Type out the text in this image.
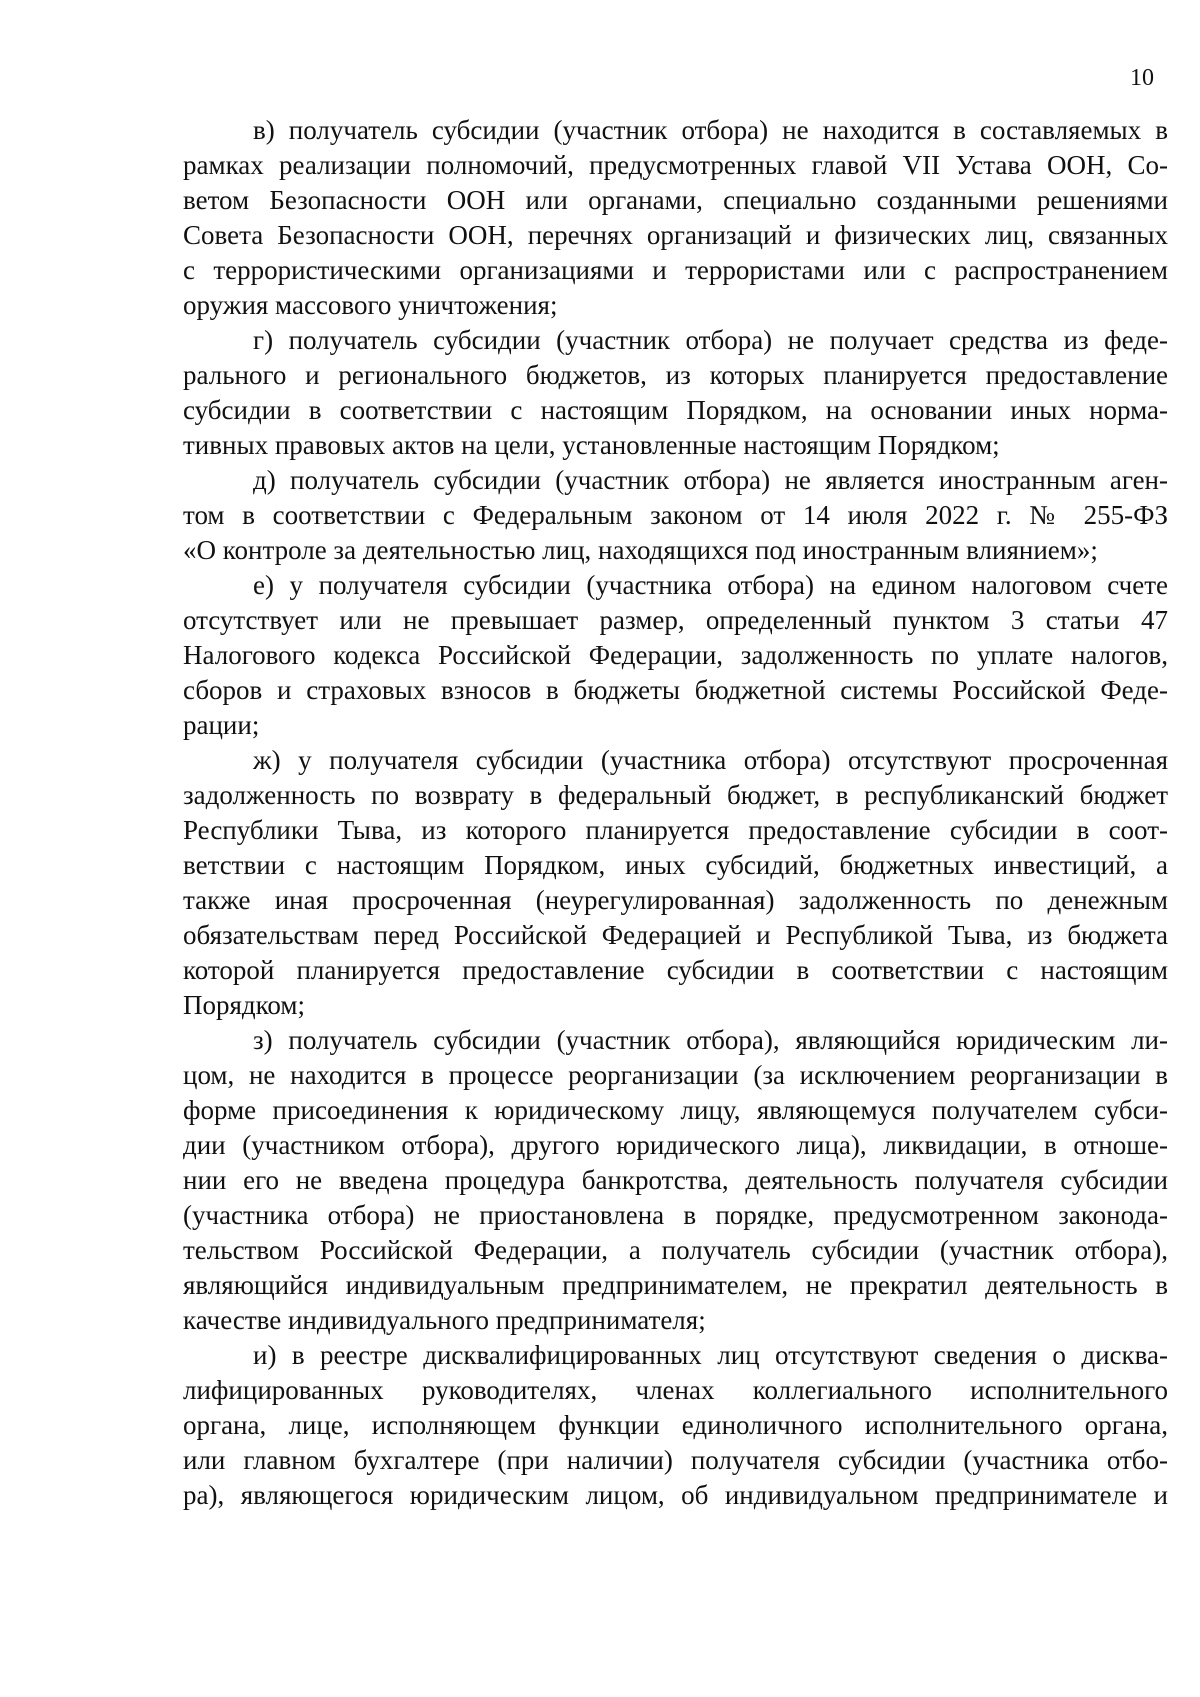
10
в) получатель субсидии (участник отбора) не находится в составляемых в
рамках реализации полномочий, предусмотренных главой VII Устава ООН, Со-
ветом Безопасности ООН или органами, специально созданными решениями
Совета Безопасности ООН, перечнях организаций и физических лиц, связанных
с террористическими организациями и террористами или с распространением
оружия массового уничтожения;
г) получатель субсидии (участник отбора) не получает средства из феде-
рального и регионального бюджетов, из которых планируется предоставление
субсидии в соответствии с настоящим Порядком, на основании иных норма-
тивных правовых актов на цели, установленные настоящим Порядком;
д) получатель субсидии (участник отбора) не является иностранным аген-
том в соответствии с Федеральным законом от 14 июля 2022 г. № 255-ФЗ
«О контроле за деятельностью лиц, находящихся под иностранным влиянием»;
е) у получателя субсидии (участника отбора) на едином налоговом счете
отсутствует или не превышает размер, определенный пунктом 3 статьи 47
Налогового кодекса Российской Федерации, задолженность по уплате налогов,
сборов и страховых взносов в бюджеты бюджетной системы Российской Феде-
рации;
ж) у получателя субсидии (участника отбора) отсутствуют просроченная
задолженность по возврату в федеральный бюджет, в республиканский бюджет
Республики Тыва, из которого планируется предоставление субсидии в соот-
ветствии с настоящим Порядком, иных субсидий, бюджетных инвестиций, а
также иная просроченная (неурегулированная) задолженность по денежным
обязательствам перед Российской Федерацией и Республикой Тыва, из бюджета
которой планируется предоставление субсидии в соответствии с настоящим
Порядком;
з) получатель субсидии (участник отбора), являющийся юридическим ли-
цом, не находится в процессе реорганизации (за исключением реорганизации в
форме присоединения к юридическому лицу, являющемуся получателем субси-
дии (участником отбора), другого юридического лица), ликвидации, в отноше-
нии его не введена процедура банкротства, деятельность получателя субсидии
(участника отбора) не приостановлена в порядке, предусмотренном законода-
тельством Российской Федерации, а получатель субсидии (участник отбора),
являющийся индивидуальным предпринимателем, не прекратил деятельность в
качестве индивидуального предпринимателя;
и) в реестре дисквалифицированных лиц отсутствуют сведения о дисква-
лифицированных руководителях, членах коллегиального исполнительного
органа, лице, исполняющем функции единоличного исполнительного органа,
или главном бухгалтере (при наличии) получателя субсидии (участника отбо-
ра), являющегося юридическим лицом, об индивидуальном предпринимателе и
